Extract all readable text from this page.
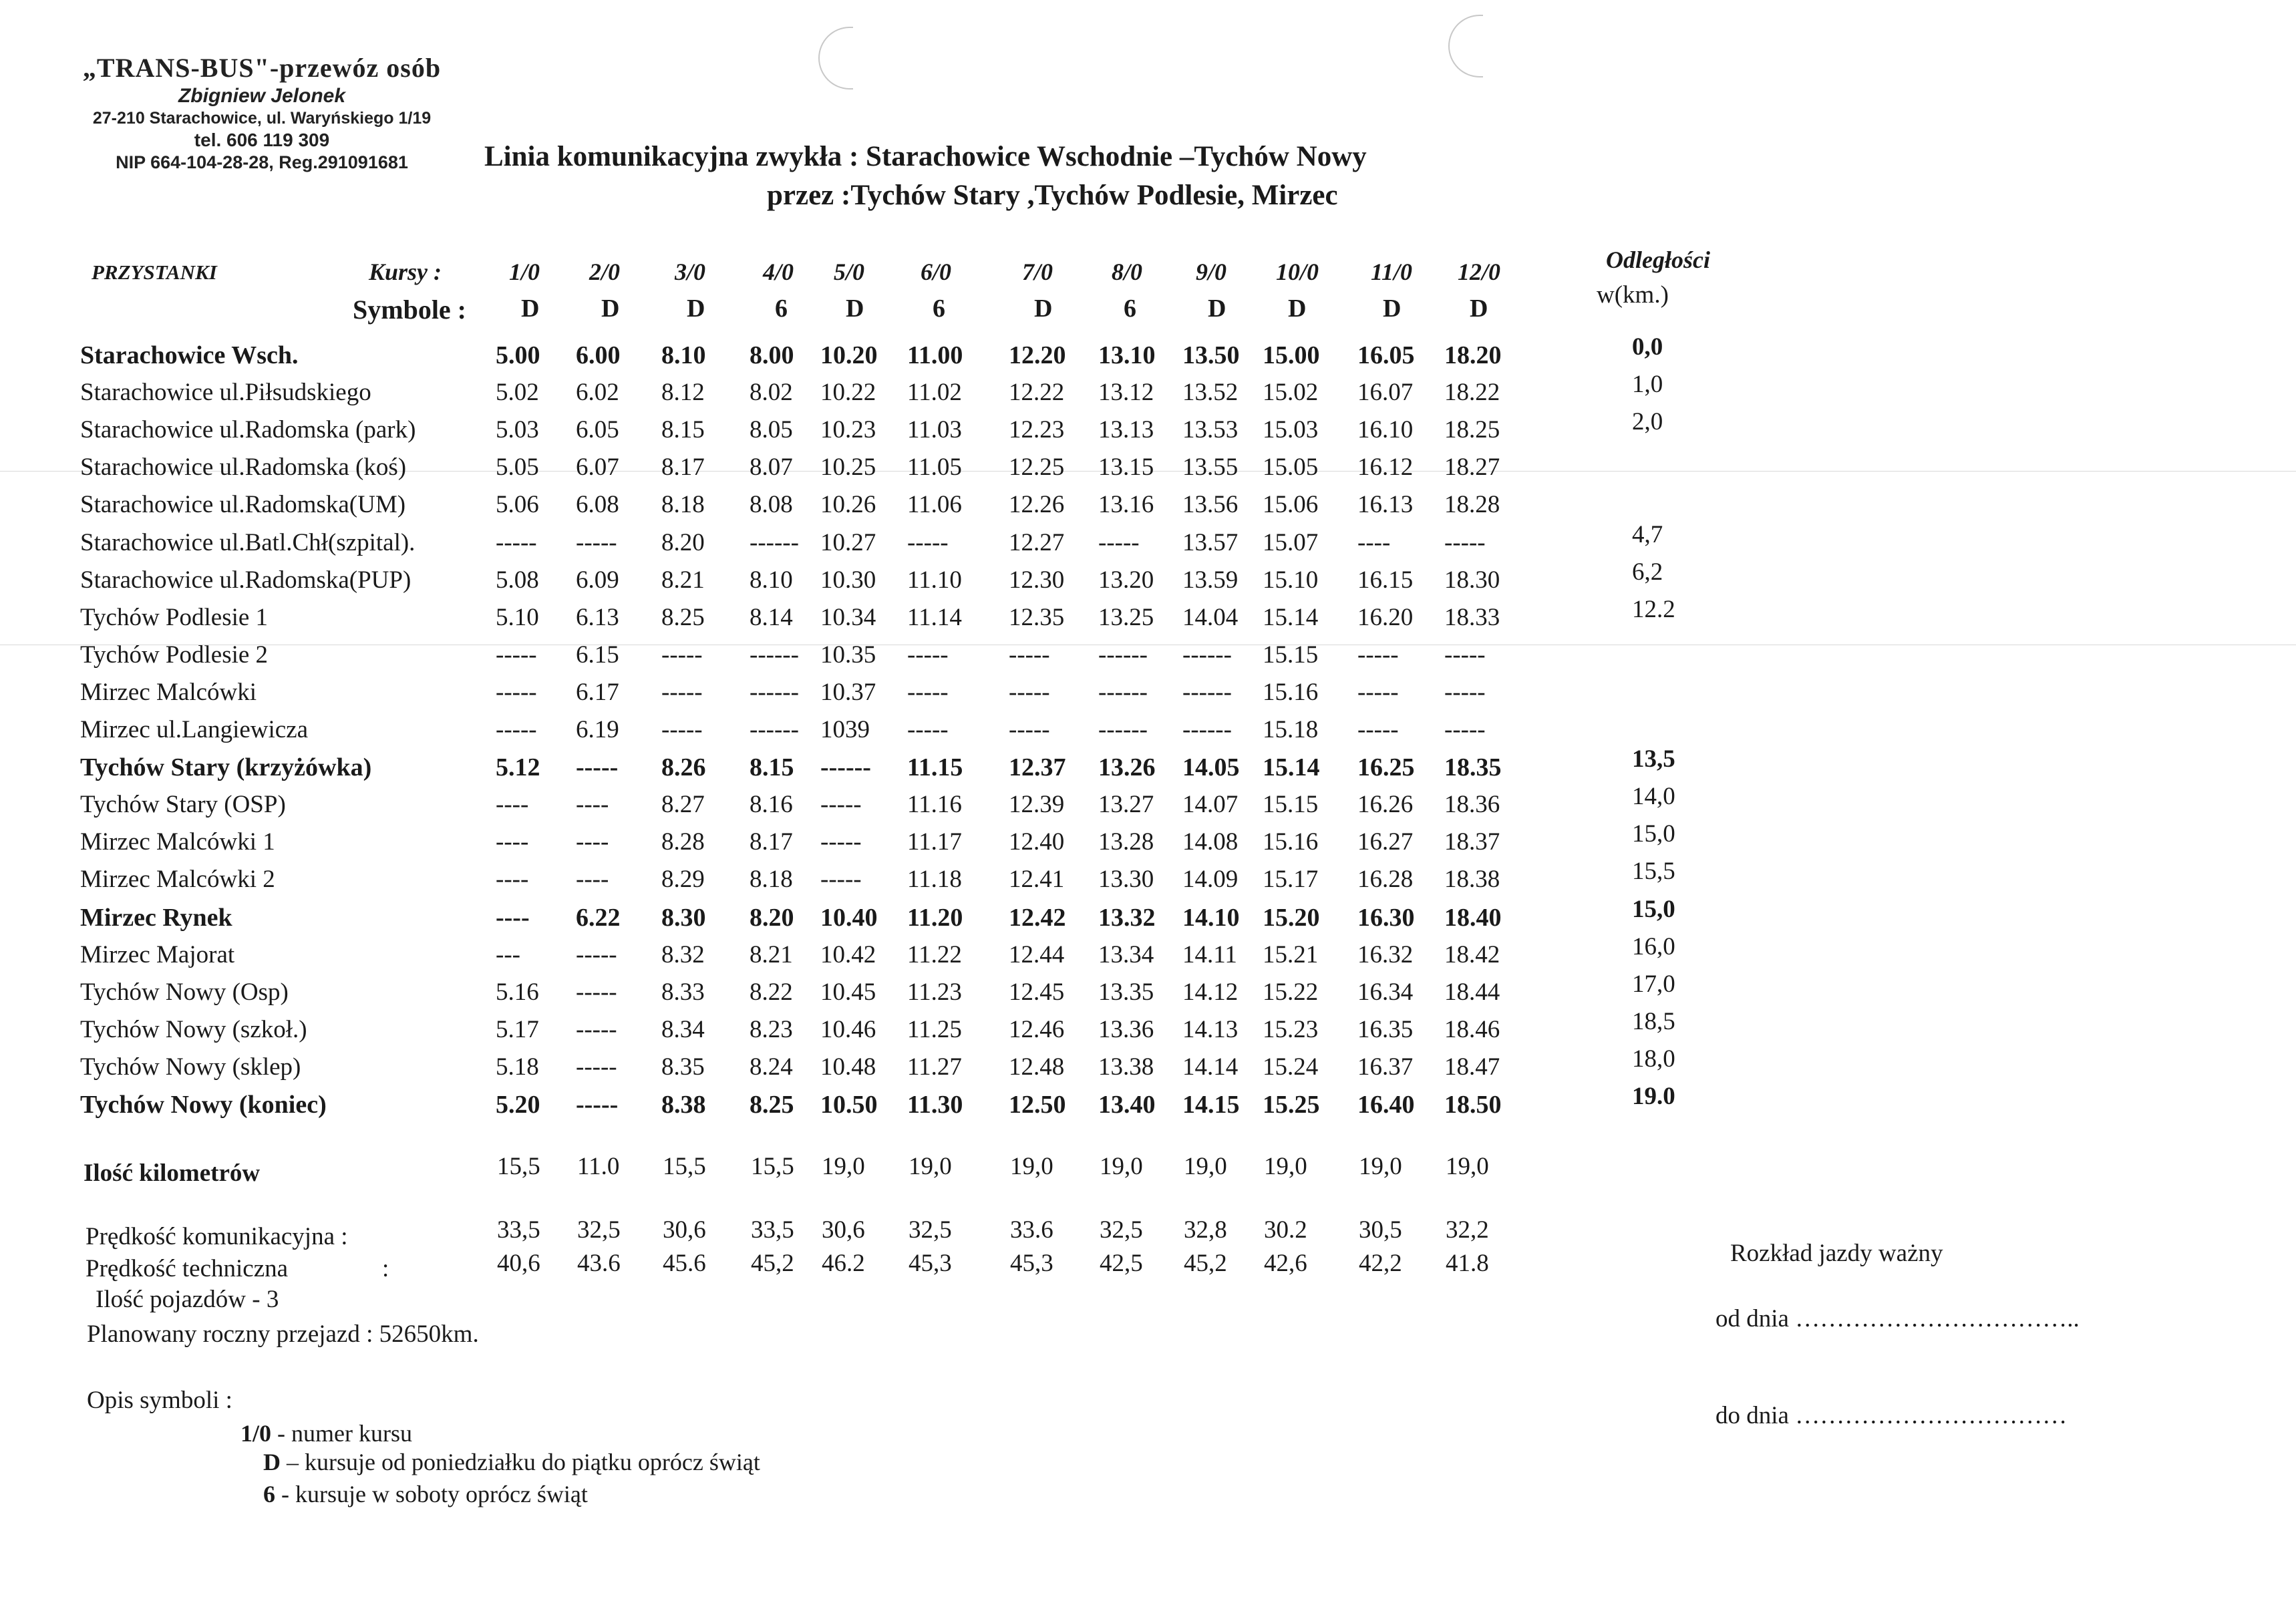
„TRANS-BUS"-przewóz osób
Zbigniew Jelonek
27-210 Starachowice, ul. Waryńskiego 1/19
tel. 606 119 309
NIP 664-104-28-28, Reg.291091681	Linia komunikacyjna zwykła : Starachowice Wschodnie –Tychów Nowy
przez :Tychów Stary ,Tychów Podlesie, Mirzec
PRZYSTANKI	Kursy :
Symbole :
Odległości
w(km.)
1/0 2/0 3/0 4/0 5/0 6/0	7/0 8/0 9/0 10/0 11/0 12/0
D D	D	6 D	6	D	6	D D	D	D
Starachowice Wsch.	5.00 6.00 8.10 8.00 10.20 11.00 12.20 13.10 13.50 15.00 16.05 18.20	0,0
Starachowice ul.Piłsudskiego	5.02 6.02 8.12 8.02 10.22 11.02 12.22 13.12 13.52 15.02 16.07 18.22	1,0
Starachowice ul.Radomska (park)	5.03 6.05 8.15 8.05 10.23 11.03 12.23 13.13 13.53 15.03 16.10 18.25	2,0
Starachowice ul.Radomska (koś)	5.05 6.07 8.17 8.07 10.25 11.05 12.25 13.15 13.55 15.05 16.12 18.27
Starachowice ul.Radomska(UM)	5.06 6.08 8.18 8.08 10.26 11.06 12.26 13.16 13.56 15.06 16.13 18.28
Starachowice ul.Batl.Chł(szpital).	----- ----- 8.20 ------ 10.27 ----- 12.27 ----- 13.57 15.07 ---- -----	4,7
Starachowice ul.Radomska(PUP)	5.08 6.09 8.21 8.10 10.30 11.10 12.30 13.20 13.59 15.10 16.15 18.30	6,2
Tychów Podlesie 1	5.10 6.13 8.25 8.14 10.34 11.14 12.35 13.25 14.04 15.14 16.20 18.33	12.2
Tychów Podlesie 2	----- 6.15 ----- ------ 10.35 ----- ----- ------ ------ 15.15 ----- -----
Mirzec Malcówki	----- 6.17 ----- ------ 10.37 ----- ----- ------ ------ 15.16 ----- -----
Mirzec ul.Langiewicza	----- 6.19 ----- ------ 1039 ----- ----- ------ ------ 15.18 ----- -----
Tychów Stary (krzyżówka)	5.12 ----- 8.26 8.15 ------ 11.15 12.37 13.26 14.05 15.14 16.25 18.35	13,5
Tychów Stary (OSP)	---- ---- 8.27 8.16 ----- 11.16 12.39 13.27 14.07 15.15 16.26 18.36	14,0
Mirzec Malcówki 1	---- ---- 8.28 8.17 ----- 11.17 12.40 13.28 14.08 15.16 16.27 18.37	15,0
Mirzec Malcówki 2	---- ---- 8.29 8.18 ----- 11.18 12.41 13.30 14.09 15.17 16.28 18.38	15,5
Mirzec Rynek	---- 6.22 8.30 8.20 10.40 11.20 12.42 13.32 14.10 15.20 16.30 18.40	15,0
Mirzec Majorat	--- ----- 8.32 8.21 10.42 11.22 12.44 13.34 14.11 15.21 16.32 18.42	16,0
Tychów Nowy (Osp)	5.16 ----- 8.33 8.22 10.45 11.23 12.45 13.35 14.12 15.22 16.34 18.44	17,0
Tychów Nowy (szkoł.)	5.17 ----- 8.34 8.23 10.46 11.25 12.46 13.36 14.13 15.23 16.35 18.46	18,5
Tychów Nowy (sklep)	5.18 ----- 8.35 8.24 10.48 11.27 12.48 13.38 14.14 15.24 16.37 18.47	18,0
Tychów Nowy (koniec)	5.20 ----- 8.38 8.25 10.50 11.30 12.50 13.40 14.15 15.25 16.40 18.50	19.0
Ilość kilometrów	15,5 11.0 15,5 15,5 19,0 19,0 19,0 19,0 19,0 19,0 19,0 19,0
Prędkość komunikacyjna :	33,5 32,5 30,6 33,5 30,6 32,5 33.6 32,5 32,8 30.2 30,5 32,2
Prędkość techniczna	:	40,6 43.6 45.6 45,2 46.2 45,3 45,3 42,5 45,2 42,6 42,2 41.8
Ilość pojazdów - 3
Planowany roczny przejazd : 52650km.
Opis symboli :
1/0 - numer kursu
D – kursuje od poniedziałku do piątku oprócz świąt
6 - kursuje w soboty oprócz świąt
Rozkład jazdy ważny
od dnia ……………………………..
do dnia ……………………………
